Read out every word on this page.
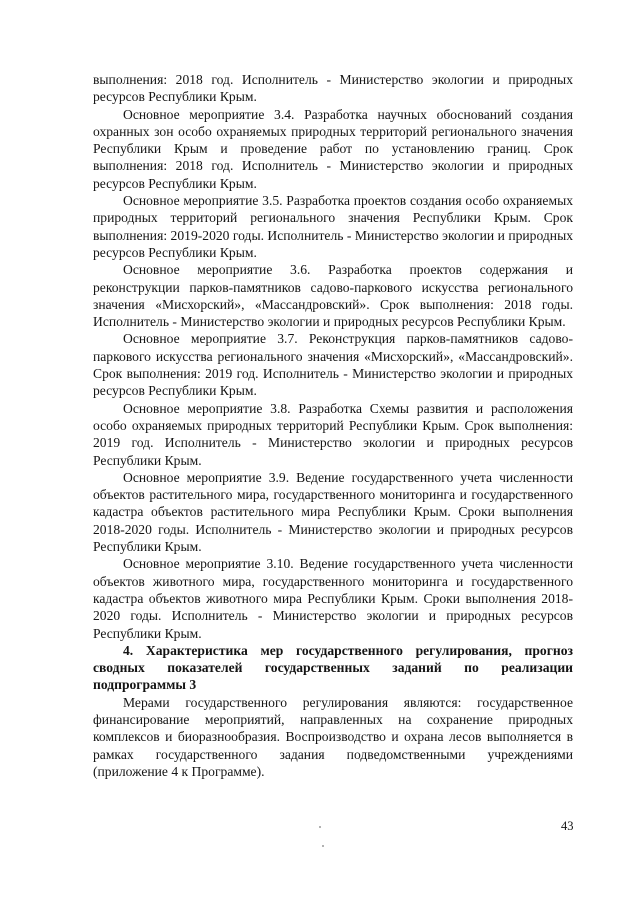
выполнения: 2018 год. Исполнитель - Министерство экологии и природных ресурсов Республики Крым.

Основное мероприятие 3.4. Разработка научных обоснований создания охранных зон особо охраняемых природных территорий регионального значения Республики Крым и проведение работ по установлению границ. Срок выполнения: 2018 год. Исполнитель - Министерство экологии и природных ресурсов Республики Крым.

Основное мероприятие 3.5. Разработка проектов создания особо охраняемых природных территорий регионального значения Республики Крым. Срок выполнения: 2019-2020 годы. Исполнитель - Министерство экологии и природных ресурсов Республики Крым.

Основное мероприятие 3.6. Разработка проектов содержания и реконструкции парков-памятников садово-паркового искусства регионального значения «Мисхорский», «Массандровский». Срок выполнения: 2018 годы. Исполнитель - Министерство экологии и природных ресурсов Республики Крым.

Основное мероприятие 3.7. Реконструкция парков-памятников садово-паркового искусства регионального значения «Мисхорский», «Массандровский». Срок выполнения: 2019 год. Исполнитель - Министерство экологии и природных ресурсов Республики Крым.

Основное мероприятие 3.8. Разработка Схемы развития и расположения особо охраняемых природных территорий Республики Крым. Срок выполнения: 2019 год. Исполнитель - Министерство экологии и природных ресурсов Республики Крым.

Основное мероприятие 3.9. Ведение государственного учета численности объектов растительного мира, государственного мониторинга и государственного кадастра объектов растительного мира Республики Крым. Сроки выполнения 2018-2020 годы. Исполнитель - Министерство экологии и природных ресурсов Республики Крым.

Основное мероприятие 3.10. Ведение государственного учета численности объектов животного мира, государственного мониторинга и государственного кадастра объектов животного мира Республики Крым. Сроки выполнения 2018-2020 годы. Исполнитель - Министерство экологии и природных ресурсов Республики Крым.

4. Характеристика мер государственного регулирования, прогноз сводных показателей государственных заданий по реализации подпрограммы 3

Мерами государственного регулирования являются: государственное финансирование мероприятий, направленных на сохранение природных комплексов и биоразнообразия. Воспроизводство и охрана лесов выполняется в рамках государственного задания подведомственными учреждениями (приложение 4 к Программе).

43
